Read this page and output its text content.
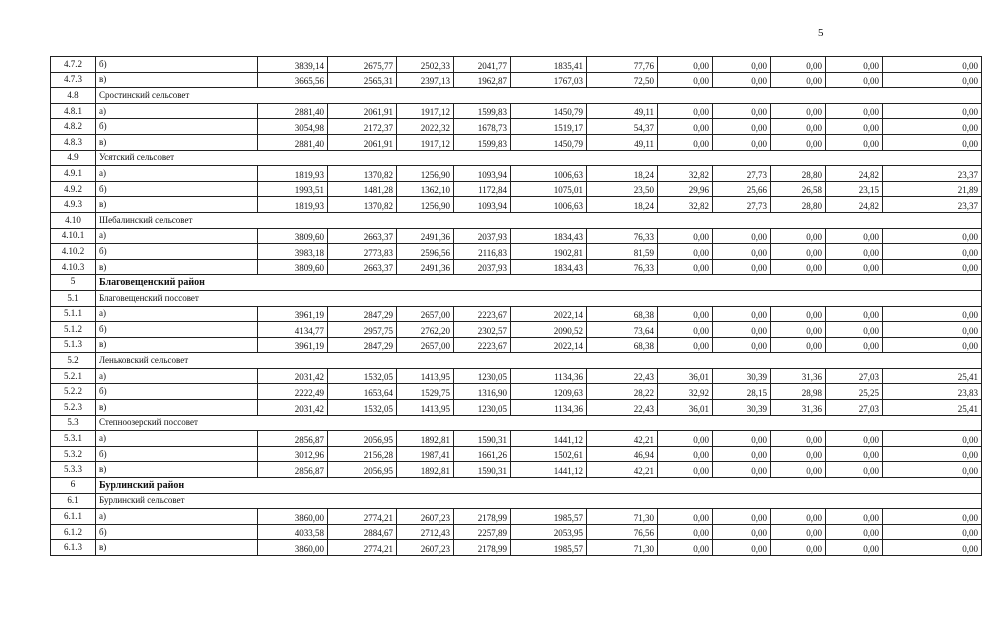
5
4.7.2	б)	3839,14	2675,77	2502,33	2041,77	1835,41	77,76	0,00	0,00	0,00	0,00	0,00
4.7.3	в)	3665,56	2565,31	2397,13	1962,87	1767,03	72,50	0,00	0,00	0,00	0,00	0,00
4.8	Сростинский сельсовет											
4.8.1	а)	2881,40	2061,91	1917,12	1599,83	1450,79	49,11	0,00	0,00	0,00	0,00	0,00
4.8.2	б)	3054,98	2172,37	2022,32	1678,73	1519,17	54,37	0,00	0,00	0,00	0,00	0,00
4.8.3	в)	2881,40	2061,91	1917,12	1599,83	1450,79	49,11	0,00	0,00	0,00	0,00	0,00
4.9	Усятский сельсовет											
4.9.1	а)	1819,93	1370,82	1256,90	1093,94	1006,63	18,24	32,82	27,73	28,80	24,82	23,37
4.9.2	б)	1993,51	1481,28	1362,10	1172,84	1075,01	23,50	29,96	25,66	26,58	23,15	21,89
4.9.3	в)	1819,93	1370,82	1256,90	1093,94	1006,63	18,24	32,82	27,73	28,80	24,82	23,37
4.10	Шебалинский сельсовет											
4.10.1	а)	3809,60	2663,37	2491,36	2037,93	1834,43	76,33	0,00	0,00	0,00	0,00	0,00
4.10.2	б)	3983,18	2773,83	2596,56	2116,83	1902,81	81,59	0,00	0,00	0,00	0,00	0,00
4.10.3	в)	3809,60	2663,37	2491,36	2037,93	1834,43	76,33	0,00	0,00	0,00	0,00	0,00
5	Благовещенский район											
5.1	Благовещенский поссовет											
5.1.1	а)	3961,19	2847,29	2657,00	2223,67	2022,14	68,38	0,00	0,00	0,00	0,00	0,00
5.1.2	б)	4134,77	2957,75	2762,20	2302,57	2090,52	73,64	0,00	0,00	0,00	0,00	0,00
5.1.3	в)	3961,19	2847,29	2657,00	2223,67	2022,14	68,38	0,00	0,00	0,00	0,00	0,00
5.2	Леньковский сельсовет											
5.2.1	а)	2031,42	1532,05	1413,95	1230,05	1134,36	22,43	36,01	30,39	31,36	27,03	25,41
5.2.2	б)	2222,49	1653,64	1529,75	1316,90	1209,63	28,22	32,92	28,15	28,98	25,25	23,83
5.2.3	в)	2031,42	1532,05	1413,95	1230,05	1134,36	22,43	36,01	30,39	31,36	27,03	25,41
5.3	Степноозерский поссовет											
5.3.1	а)	2856,87	2056,95	1892,81	1590,31	1441,12	42,21	0,00	0,00	0,00	0,00	0,00
5.3.2	б)	3012,96	2156,28	1987,41	1661,26	1502,61	46,94	0,00	0,00	0,00	0,00	0,00
5.3.3	в)	2856,87	2056,95	1892,81	1590,31	1441,12	42,21	0,00	0,00	0,00	0,00	0,00
6	Бурлинский район											
6.1	Бурлинский сельсовет											
6.1.1	а)	3860,00	2774,21	2607,23	2178,99	1985,57	71,30	0,00	0,00	0,00	0,00	0,00
6.1.2	б)	4033,58	2884,67	2712,43	2257,89	2053,95	76,56	0,00	0,00	0,00	0,00	0,00
6.1.3	в)	3860,00	2774,21	2607,23	2178,99	1985,57	71,30	0,00	0,00	0,00	0,00	0,00
